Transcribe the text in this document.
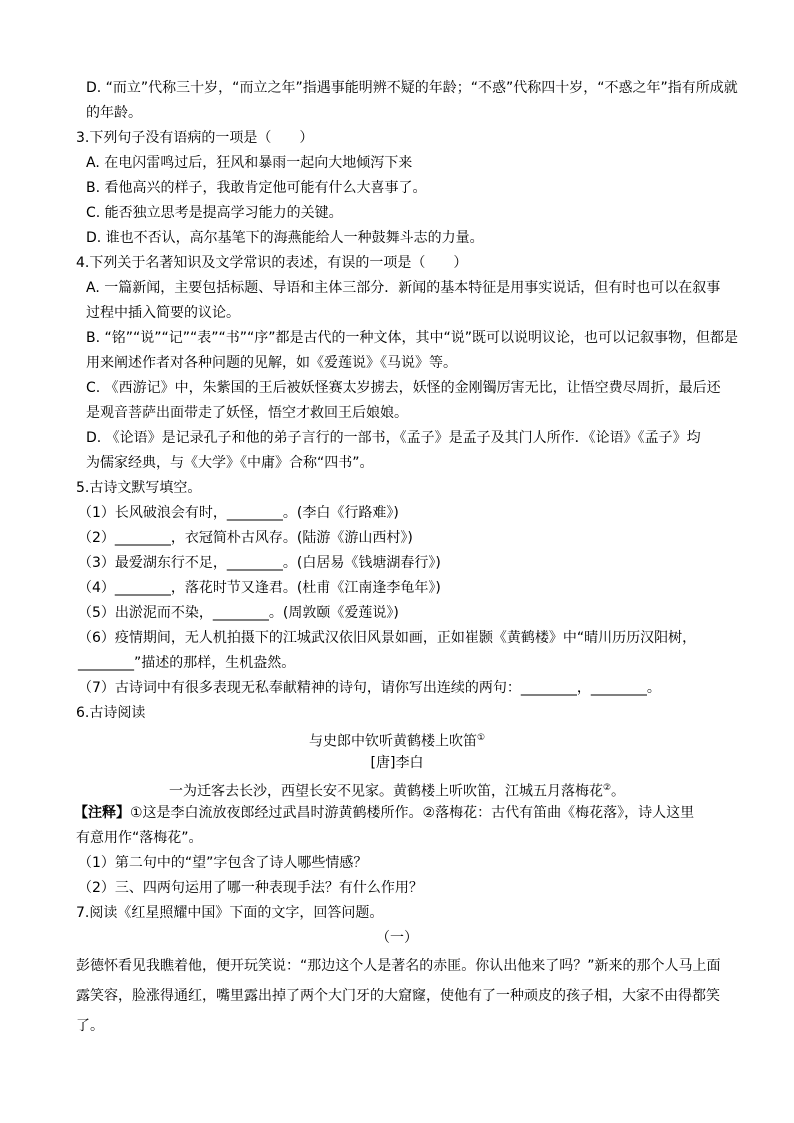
D. “而立”代称三十岁，“而立之年”指遇事能明辨不疑的年龄；“不惑”代称四十岁，“不惑之年”指有所成就
的年龄。
3.下列句子没有语病的一项是（　　）
A. 在电闪雷鸣过后，狂风和暴雨一起向大地倾泻下来
B. 看他高兴的样子，我敢肯定他可能有什么大喜事了。
C. 能否独立思考是提高学习能力的关键。
D. 谁也不否认，高尔基笔下的海燕能给人一种鼓舞斗志的力量。
4.下列关于名著知识及文学常识的表述，有误的一项是（　　）
A. 一篇新闻，主要包括标题、导语和主体三部分．新闻的基本特征是用事实说话，但有时也可以在叙事
过程中插入简要的议论。
B. “铭”“说”“记”“表”“书”“序”都是古代的一种文体，其中“说”既可以说明议论，也可以记叙事物，但都是
用来阐述作者对各种问题的见解，如《爱莲说》《马说》等。
C. 《西游记》中，朱紫国的王后被妖怪赛太岁掳去，妖怪的金刚镯厉害无比，让悟空费尽周折，最后还
是观音菩萨出面带走了妖怪，悟空才救回王后娘娘。
D. 《论语》是记录孔子和他的弟子言行的一部书，《孟子》是孟子及其门人所作．《论语》《孟子》均
为儒家经典，与《大学》《中庸》合称“四书”。
5.古诗文默写填空。
（1）长风破浪会有时，________。(李白《行路难》)
（2）________，衣冠简朴古风存。(陆游《游山西村》)
（3）最爱湖东行不足，________。(白居易《钱塘湖春行》)
（4）________，落花时节又逢君。(杜甫《江南逢李龟年》)
（5）出淤泥而不染，________。(周敦颐《爱莲说》)
（6）疫情期间，无人机拍摄下的江城武汉依旧风景如画，正如崔颢《黄鹤楼》中“晴川历历汉阳树，
________”描述的那样，生机盎然。
（7）古诗词中有很多表现无私奉献精神的诗句，请你写出连续的两句：________，________。
6.古诗阅读
与史郎中钦听黄鹤楼上吹笛①
[唐]李白
一为迁客去长沙，西望长安不见家。黄鹤楼上听吹笛，江城五月落梅花②。
【注释】①这是李白流放夜郎经过武昌时游黄鹤楼所作。②落梅花：古代有笛曲《梅花落》，诗人这里
有意用作“落梅花”。
（1）第二句中的“望”字包含了诗人哪些情感？
（2）三、四两句运用了哪一种表现手法？有什么作用？
7.阅读《红星照耀中国》下面的文字，回答问题。
（一）
彭德怀看见我瞧着他，便开玩笑说：“那边这个人是著名的赤匪。你认出他来了吗？”新来的那个人马上面
露笑容，脸涨得通红，嘴里露出掉了两个大门牙的大窟窿，使他有了一种顽皮的孩子相，大家不由得都笑
了。
